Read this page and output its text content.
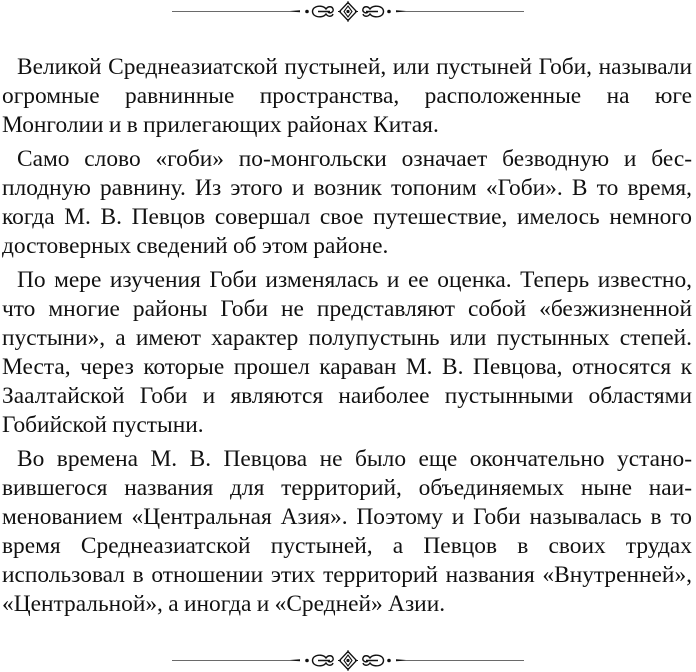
Великой Среднеазиатской пустыней, или пустыней Гоби, называли огромные равнинные пространства, расположенные на юге Монголии и в прилегающих районах Китая.

Само слово «гоби» по-монгольски означает безводную и бесплодную равнину. Из этого и возник топоним «Гоби». В то время, когда М. В. Певцов совершал свое путешествие, имелось немного достоверных сведений об этом районе.

По мере изучения Гоби изменялась и ее оценка. Теперь известно, что многие районы Гоби не представляют собой «безжизненной пустыни», а имеют характер полупустынь или пустынных степей. Места, через которые прошел караван М. В. Певцова, относятся к Заалтайской Гоби и являются наиболее пустынными областями Гобийской пустыни.

Во времена М. В. Певцова не было еще окончательно установившегося названия для территорий, объединяемых ныне наименованием «Центральная Азия». Поэтому и Гоби называлась в то время Среднеазиатской пустыней, а Певцов в своих трудах использовал в отношении этих территорий названия «Внутренней», «Центральной», а иногда и «Средней» Азии.
